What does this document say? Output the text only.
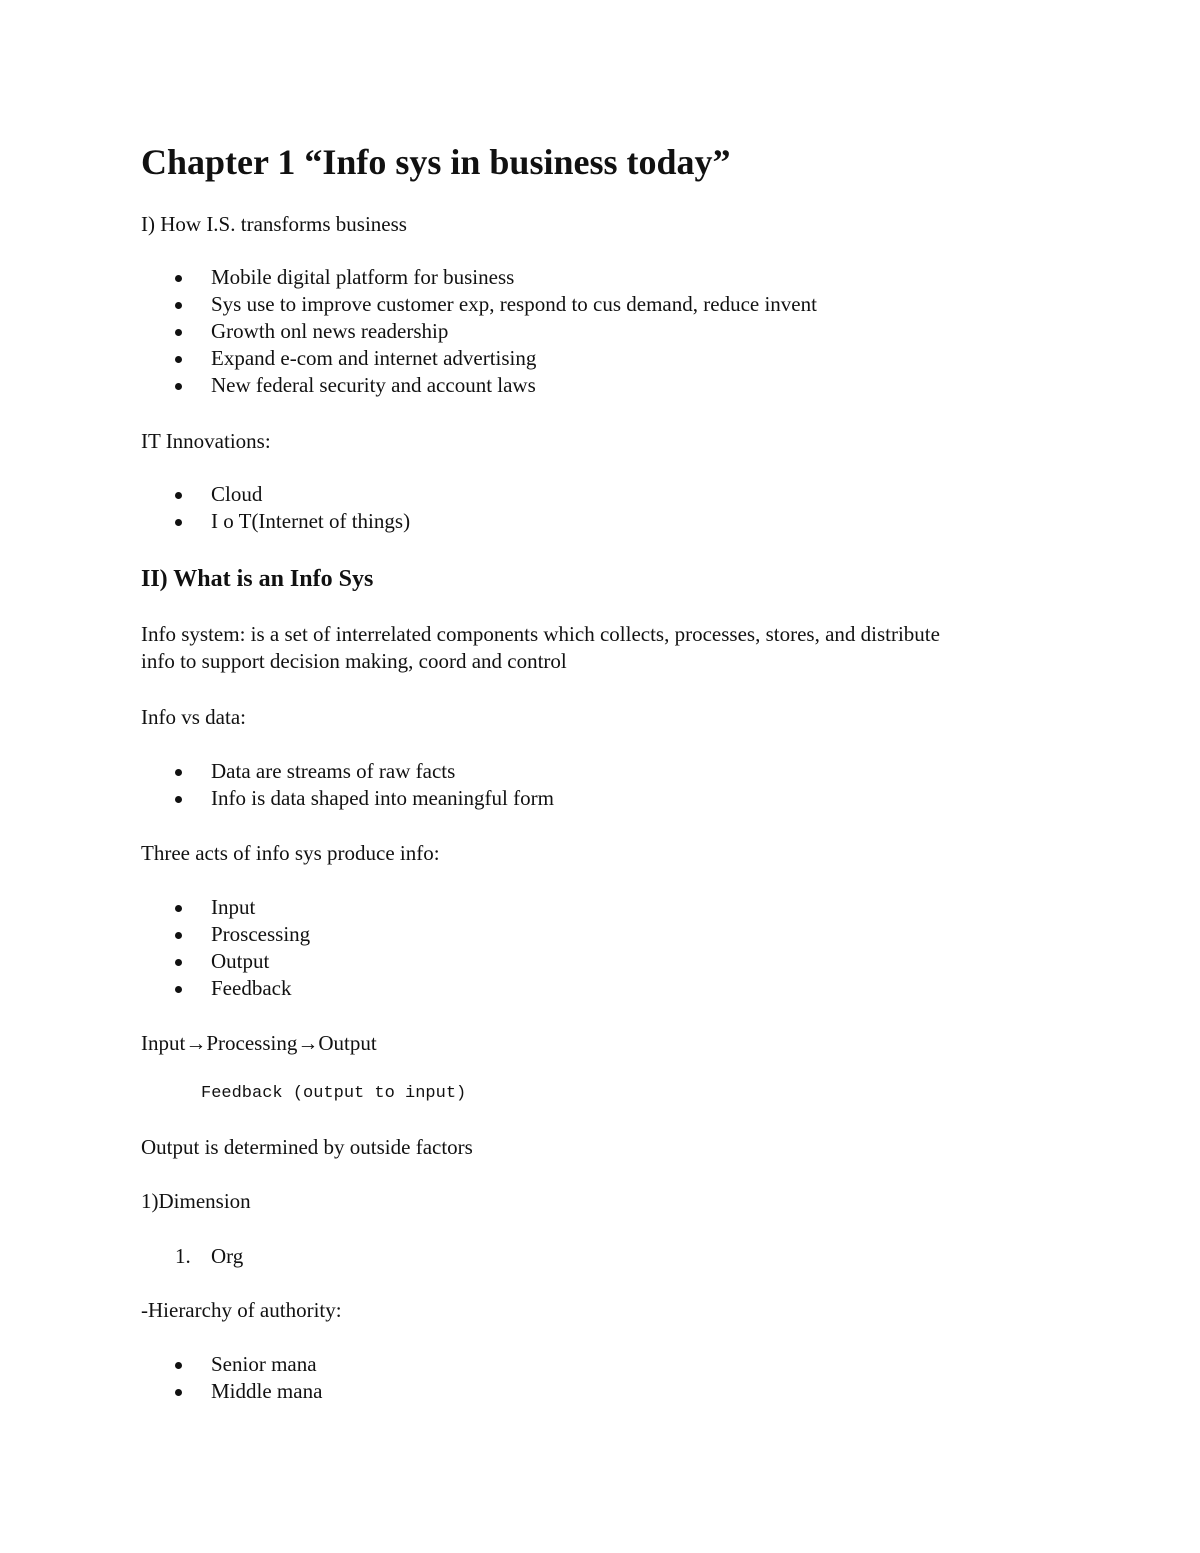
Chapter 1 “Info sys in business today”
I) How I.S. transforms business
Mobile digital platform for business
Sys use to improve customer exp, respond to cus demand, reduce invent
Growth onl news readership
Expand e-com and internet advertising
New federal security and account laws
IT Innovations:
Cloud
I o T(Internet of things)
II) What is an Info Sys
Info system: is a set of interrelated components which collects, processes, stores, and distribute
info to support decision making, coord and control
Info vs data:
Data are streams of raw facts
Info is data shaped into meaningful form
Three acts of info sys produce info:
Input
Proscessing
Output
Feedback
Input→Processing→Output
Feedback (output to input)
Output is determined by outside factors
1)Dimension
1. Org
-Hierarchy of authority:
Senior mana
Middle mana
